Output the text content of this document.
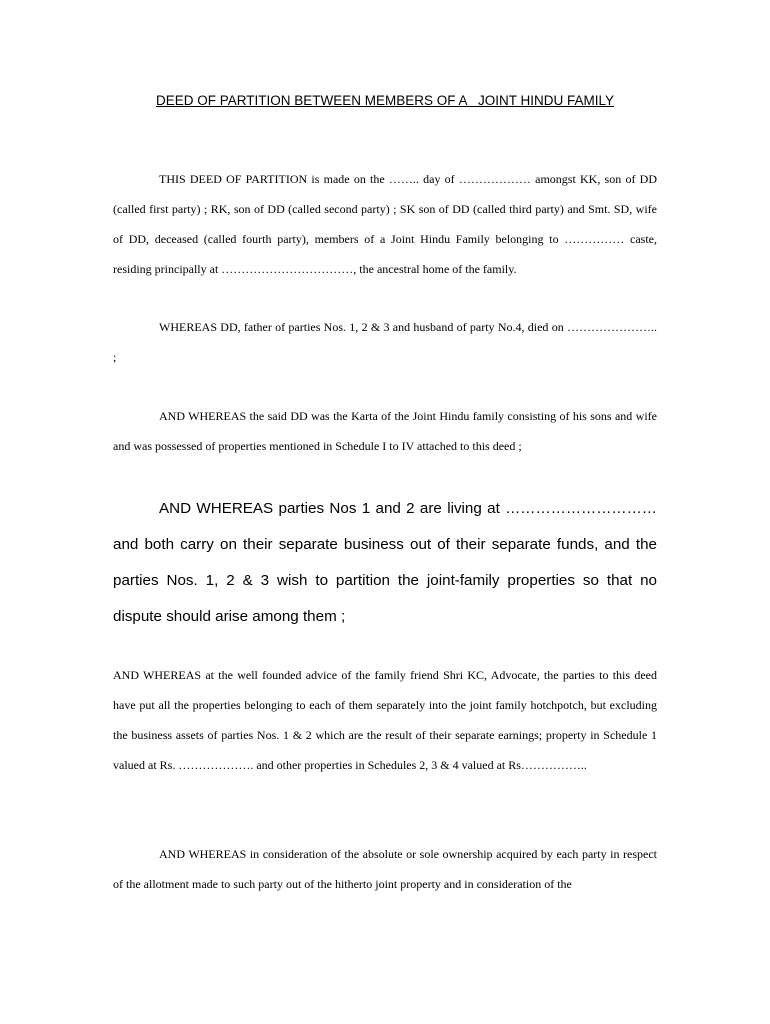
DEED OF PARTITION BETWEEN MEMBERS OF A   JOINT HINDU FAMILY

THIS DEED OF PARTITION is made on the …….. day of ……………… amongst KK, son of DD (called first party) ; RK, son of DD (called second party) ; SK son of DD (called third party) and Smt. SD, wife of DD, deceased (called fourth party), members of a Joint Hindu Family belonging to …………… caste, residing principally at ……………………………, the ancestral home of the family.

WHEREAS DD, father of parties Nos. 1, 2 & 3 and husband of party No.4, died on ………………….. ;

AND WHEREAS the said DD was the Karta of the Joint Hindu family consisting of his sons and wife and was possessed of properties mentioned in Schedule I to IV attached to this deed ;

AND WHEREAS parties Nos 1 and 2 are living at ………………………… and both carry on their separate business out of their separate funds, and the parties Nos. 1, 2 & 3 wish to partition the joint-family properties so that no dispute should arise among them ;

AND WHEREAS at the well founded advice of the family friend Shri KC, Advocate, the parties to this deed have put all the properties belonging to each of them separately into the joint family hotchpotch, but excluding the business assets of parties Nos. 1 & 2 which are the result of their separate earnings; property in Schedule 1 valued at Rs. ………………. and other properties in Schedules 2, 3 & 4 valued at Rs……………..

AND WHEREAS in consideration of the absolute or sole ownership acquired by each party in respect of the allotment made to such party out of the hitherto joint property and in consideration of the
